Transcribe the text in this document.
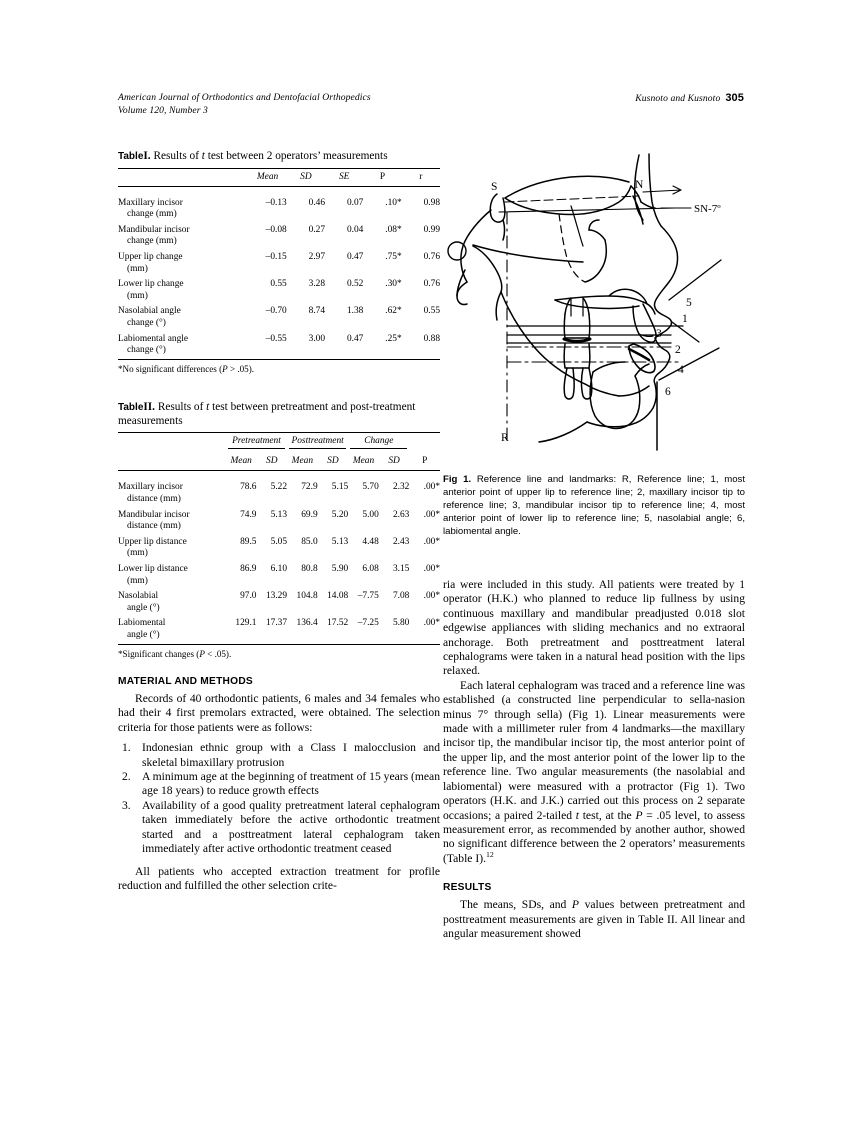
American Journal of Orthodontics and Dentofacial Orthopedics
Volume 120, Number 3
Kusnoto and Kusnoto 305
TableI. Results of t test between 2 operators’ measurements
	Mean	SD	SE	P	r

Maxillary incisor
change (mm)	–0.13	0.46	0.07	.10*	0.98
Mandibular incisor
change (mm)	–0.08	0.27	0.04	.08*	0.99
Upper lip change
(mm)	–0.15	2.97	0.47	.75*	0.76
Lower lip change
(mm)	0.55	3.28	0.52	.30*	0.76
Nasolabial angle
change (°)	–0.70	8.74	1.38	.62*	0.55
Labiomental angle
change (°)	–0.55	3.00	0.47	.25*	0.88
*No significant differences (P > .05).
TableII. Results of t test between pretreatment and post-treatment measurements

	Pretreatment		Posttreatment		Change		

	Mean	SD	Mean	SD	Mean	SD	P

Maxillary incisor
distance (mm)	78.6	5.22	72.9	5.15	5.70	2.32	.00*
Mandibular incisor
distance (mm)	74.9	5.13	69.9	5.20	5.00	2.63	.00*
Upper lip distance
(mm)	89.5	5.05	85.0	5.13	4.48	2.43	.00*
Lower lip distance
(mm)	86.9	6.10	80.8	5.90	6.08	3.15	.00*
Nasolabial
angle (°)	97.0	13.29	104.8	14.08	–7.75	7.08	.00*
Labiomental
angle (°)	129.1	17.37	136.4	17.52	–7.25	5.80	.00*
*Significant changes (P < .05).
MATERIAL AND METHODS

Records of 40 orthodontic patients, 6 males and 34 females who had their 4 first premolars extracted, were obtained. The selection criteria for those patients were as follows:

1. Indonesian ethnic group with a Class I malocclusion and skeletal bimaxillary protrusion
2. A minimum age at the beginning of treatment of 15 years (mean age 18 years) to reduce growth effects
3. Availability of a good quality pretreatment lateral cephalogram taken immediately before the active orthodontic treatment started and a posttreatment lateral cephalogram taken immediately after active orthodontic treatment ceased

All patients who accepted extraction treatment for profile reduction and fulfilled the other selection crite-

S	N
SN-7º
R
1
2
3
4
5
6
Fig 1. Reference line and landmarks: R, Reference line; 1, most anterior point of upper lip to reference line; 2, maxillary incisor tip to reference line; 3, mandibular incisor tip to reference line; 4, most anterior point of lower lip to reference line; 5, nasolabial angle; 6, labiomental angle.

ria were included in this study. All patients were treated by 1 operator (H.K.) who planned to reduce lip fullness by using continuous maxillary and mandibular preadjusted 0.018 slot edgewise appliances with sliding mechanics and no extraoral anchorage. Both pretreatment and posttreatment lateral cephalograms were taken in a natural head position with the lips relaxed.

Each lateral cephalogram was traced and a reference line was established (a constructed line perpendicular to sella-nasion minus 7° through sella) (Fig 1). Linear measurements were made with a millimeter ruler from 4 landmarks—the maxillary incisor tip, the mandibular incisor tip, the most anterior point of the upper lip, and the most anterior point of the lower lip to the reference line. Two angular measurements (the nasolabial and labiomental) were measured with a protractor (Fig 1). Two operators (H.K. and J.K.) carried out this process on 2 separate occasions; a paired 2-tailed t test, at the P = .05 level, to assess measurement error, as recommended by another author, showed no significant difference between the 2 operators’ measurements (Table I).$^{12}$

RESULTS

The means, SDs, and P values between pretreatment and posttreatment measurements are given in Table II. All linear and angular measurement showed
